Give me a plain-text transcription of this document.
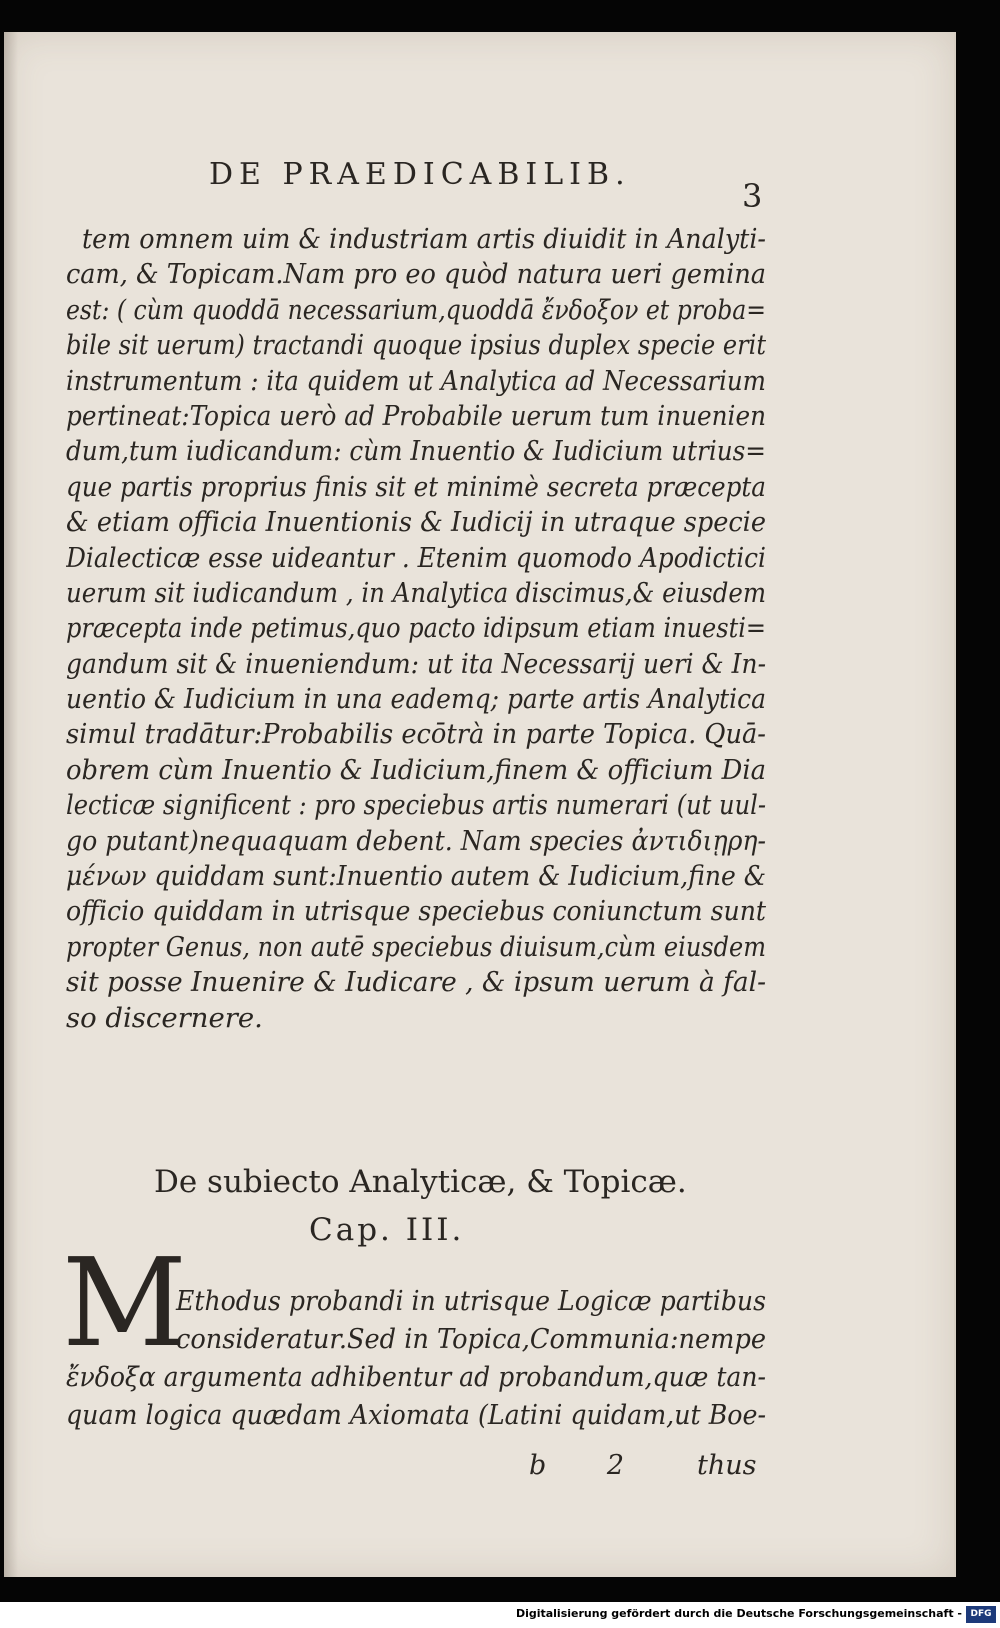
DE PRAEDICABILIB.
3
tem omnem uim & industriam artis diuidit in Analyti-
cam, & Topicam.Nam pro eo quòd natura ueri gemina
est: ( cùm quoddā necessarium,quoddā ἔνδοξον et proba=
bile sit uerum) tractandi quoque ipsius duplex specie erit
instrumentum : ita quidem ut Analytica ad Necessarium
pertineat:Topica uerò ad Probabile uerum tum inuenien
dum,tum iudicandum: cùm Inuentio & Iudicium utrius=
que partis proprius finis sit et minimè secreta præcepta
& etiam officia Inuentionis & Iudicij in utraque specie
Dialecticæ esse uideantur . Etenim quomodo Apodictici
uerum sit iudicandum , in Analytica discimus,& eiusdem
præcepta inde petimus,quo pacto idipsum etiam inuesti=
gandum sit & inueniendum: ut ita Necessarij ueri & In-
uentio & Iudicium in una eademq; parte artis Analytica
simul tradātur:Probabilis ecōtrà in parte Topica. Quā-
obrem cùm Inuentio & Iudicium,finem & officium Dia
lecticæ significent : pro speciebus artis numerari (ut uul-
go putant)nequaquam debent. Nam species ἀντιδιῃρη-
μένων quiddam sunt:Inuentio autem & Iudicium,fine &
officio quiddam in utrisque speciebus coniunctum sunt
propter Genus, non autē speciebus diuisum,cùm eiusdem
sit posse Inuenire & Iudicare , & ipsum uerum à fal-
so discernere.
De subiecto Analyticæ, & Topicæ.
Cap. III.
M
Ethodus probandi in utrisque Logicæ partibus
consideratur.Sed in Topica,Communia:nempe
ἔνδοξα argumenta adhibentur ad probandum,quæ tan-
quam logica quædam Axiomata (Latini quidam,ut Boe-
b 2 thus
Digitalisierung gefördert durch die Deutsche Forschungsgemeinschaft - DFG
